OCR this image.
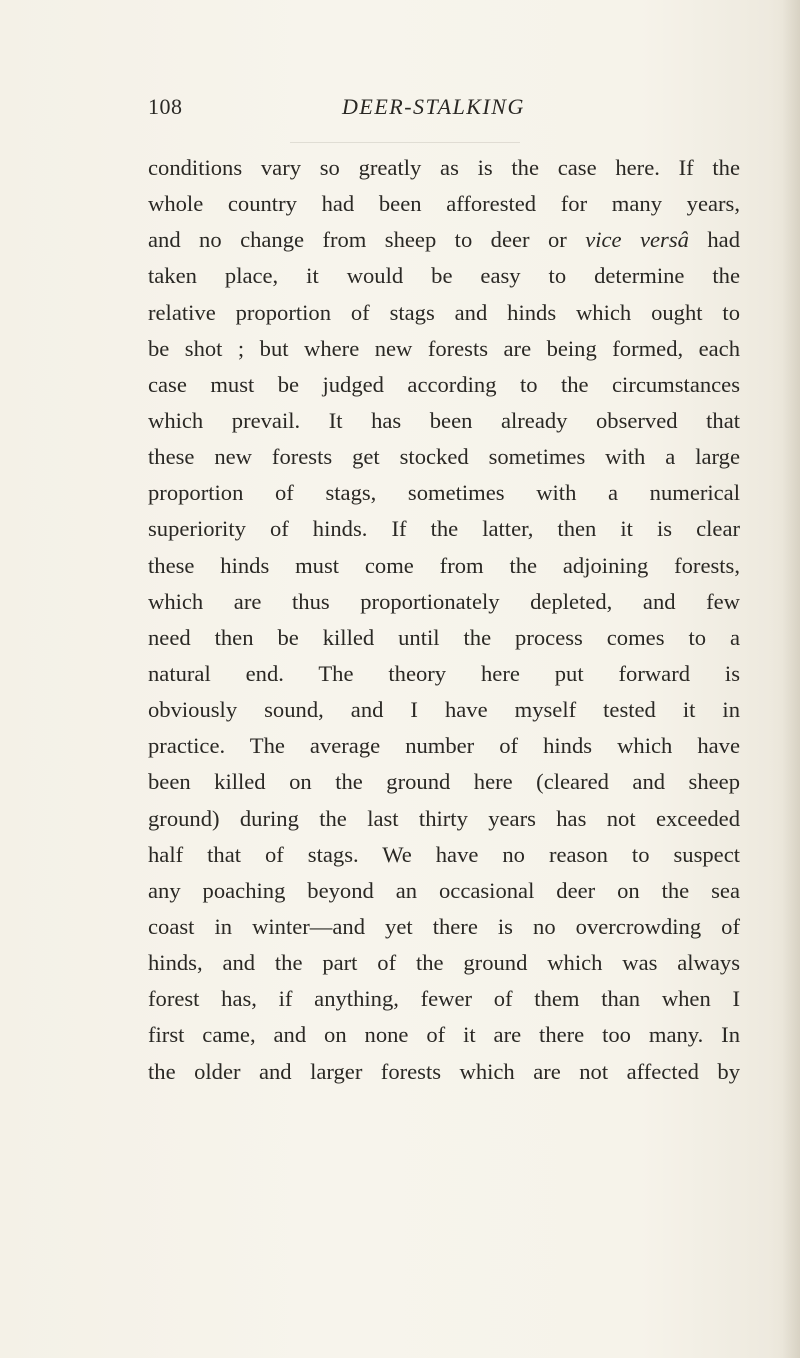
108	DEER-STALKING
conditions vary so greatly as is the case here. If the
whole country had been afforested for many years,
and no change from sheep to deer or vice versâ had
taken place, it would be easy to determine the
relative proportion of stags and hinds which ought to
be shot ; but where new forests are being formed, each
case must be judged according to the circumstances
which prevail. It has been already observed that
these new forests get stocked sometimes with a large
proportion of stags, sometimes with a numerical
superiority of hinds. If the latter, then it is clear
these hinds must come from the adjoining forests,
which are thus proportionately depleted, and few
need then be killed until the process comes to a
natural end. The theory here put forward is
obviously sound, and I have myself tested it in
practice. The average number of hinds which have
been killed on the ground here (cleared and sheep
ground) during the last thirty years has not exceeded
half that of stags. We have no reason to suspect
any poaching beyond an occasional deer on the sea
coast in winter—and yet there is no overcrowding of
hinds, and the part of the ground which was always
forest has, if anything, fewer of them than when I
first came, and on none of it are there too many. In
the older and larger forests which are not affected by
